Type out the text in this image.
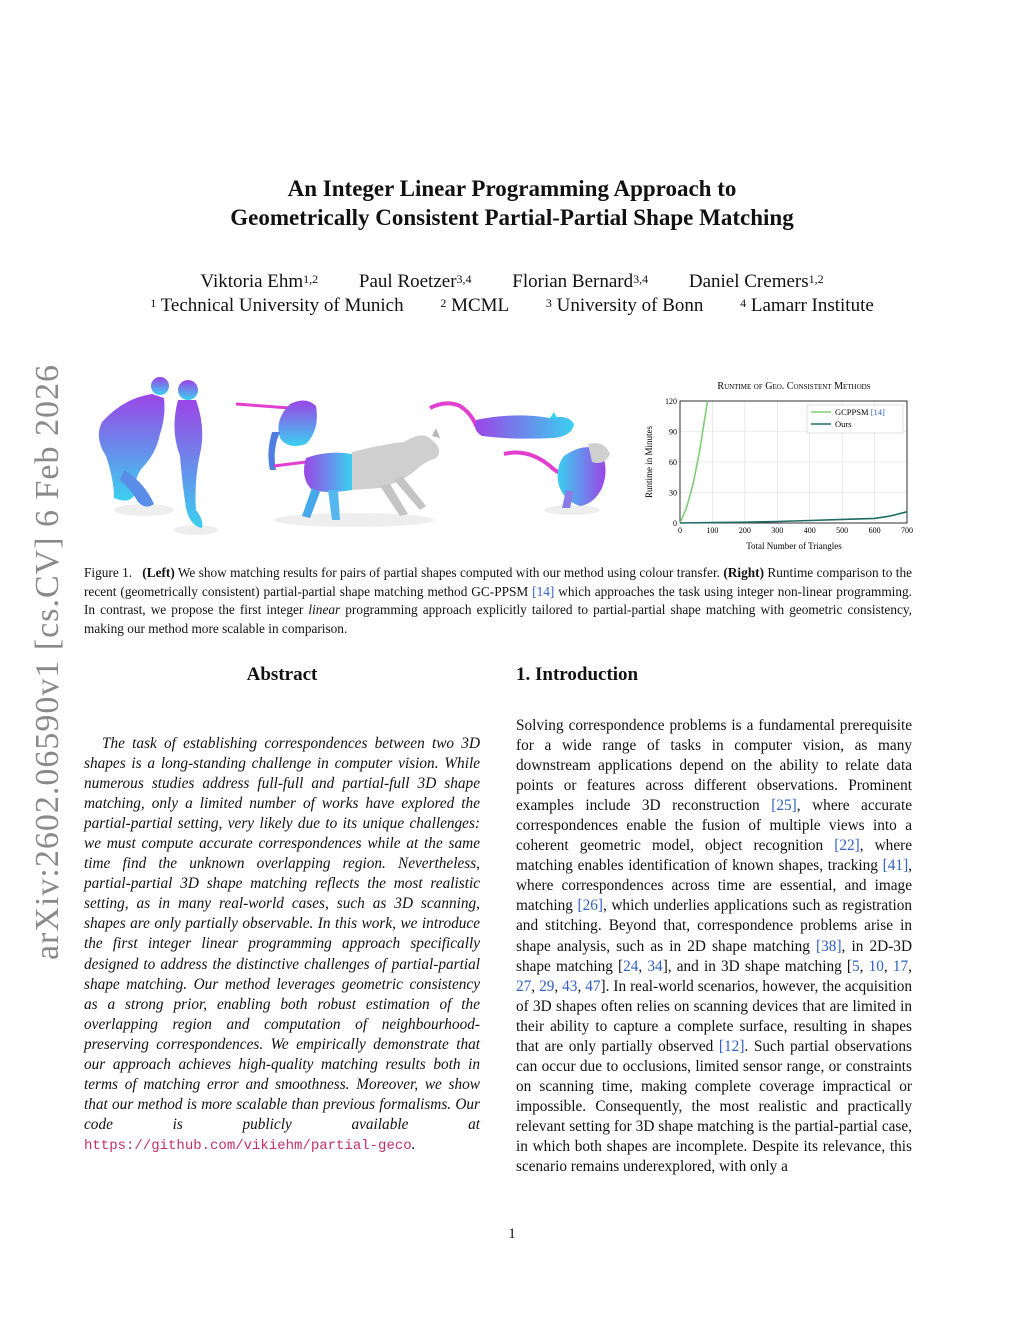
arXiv:2602.06590v1 [cs.CV] 6 Feb 2026
An Integer Linear Programming Approach to
Geometrically Consistent Partial-Partial Shape Matching
Viktoria Ehm$^{1,2}$ Paul Roetzer$^{3,4}$ Florian Bernard$^{3,4}$ Daniel Cremers$^{1,2}$
$^1$ Technical University of Munich	$^2$ MCML	$^3$ University of Bonn	$^4$ Lamarr Institute
Runtime of Geo. Consistent Methods
0	100	200	300	400	500	600	700
0
30
60
90
120
Total Number of Triangles
Runtime in Minutes
GCPPSM [14]
Ours
Figure 1. (Left) We show matching results for pairs of partial shapes computed with our method using colour transfer. (Right) Runtime comparison to the recent (geometrically consistent) partial-partial shape matching method GC-PPSM [14] which approaches the task using integer non-linear programming. In contrast, we propose the first integer linear programming approach explicitly tailored to partial-partial shape matching with geometric consistency, making our method more scalable in comparison.
Abstract	1. Introduction
The task of establishing correspondences between two 3D shapes is a long-standing challenge in computer vision. While numerous studies address full-full and partial-full 3D shape matching, only a limited number of works have explored the partial-partial setting, very likely due to its unique challenges: we must compute accurate correspondences while at the same time find the unknown overlapping region. Nevertheless, partial-partial 3D shape matching reflects the most realistic setting, as in many real-world cases, such as 3D scanning, shapes are only partially observable. In this work, we introduce the first integer linear programming approach specifically designed to address the distinctive challenges of partial-partial shape matching. Our method leverages geometric consistency as a strong prior, enabling both robust estimation of the overlapping region and computation of neighbourhood-preserving correspondences. We empirically demonstrate that our approach achieves high-quality matching results both in terms of matching error and smoothness. Moreover, we show that our method is more scalable than previous formalisms. Our code is publicly available at https://github.com/vikiehm/partial-geco.
Solving correspondence problems is a fundamental prerequisite for a wide range of tasks in computer vision, as many downstream applications depend on the ability to relate data points or features across different observations. Prominent examples include 3D reconstruction [25], where accurate correspondences enable the fusion of multiple views into a coherent geometric model, object recognition [22], where matching enables identification of known shapes, tracking [41], where correspondences across time are essential, and image matching [26], which underlies applications such as registration and stitching. Beyond that, correspondence problems arise in shape analysis, such as in 2D shape matching [38], in 2D-3D shape matching [24, 34], and in 3D shape matching [5, 10, 17, 27, 29, 43, 47]. In real-world scenarios, however, the acquisition of 3D shapes often relies on scanning devices that are limited in their ability to capture a complete surface, resulting in shapes that are only partially observed [12]. Such partial observations can occur due to occlusions, limited sensor range, or constraints on scanning time, making complete coverage impractical or impossible. Consequently, the most realistic and practically relevant setting for 3D shape matching is the partial-partial case, in which both shapes are incomplete. Despite its relevance, this scenario remains underexplored, with only a
1
